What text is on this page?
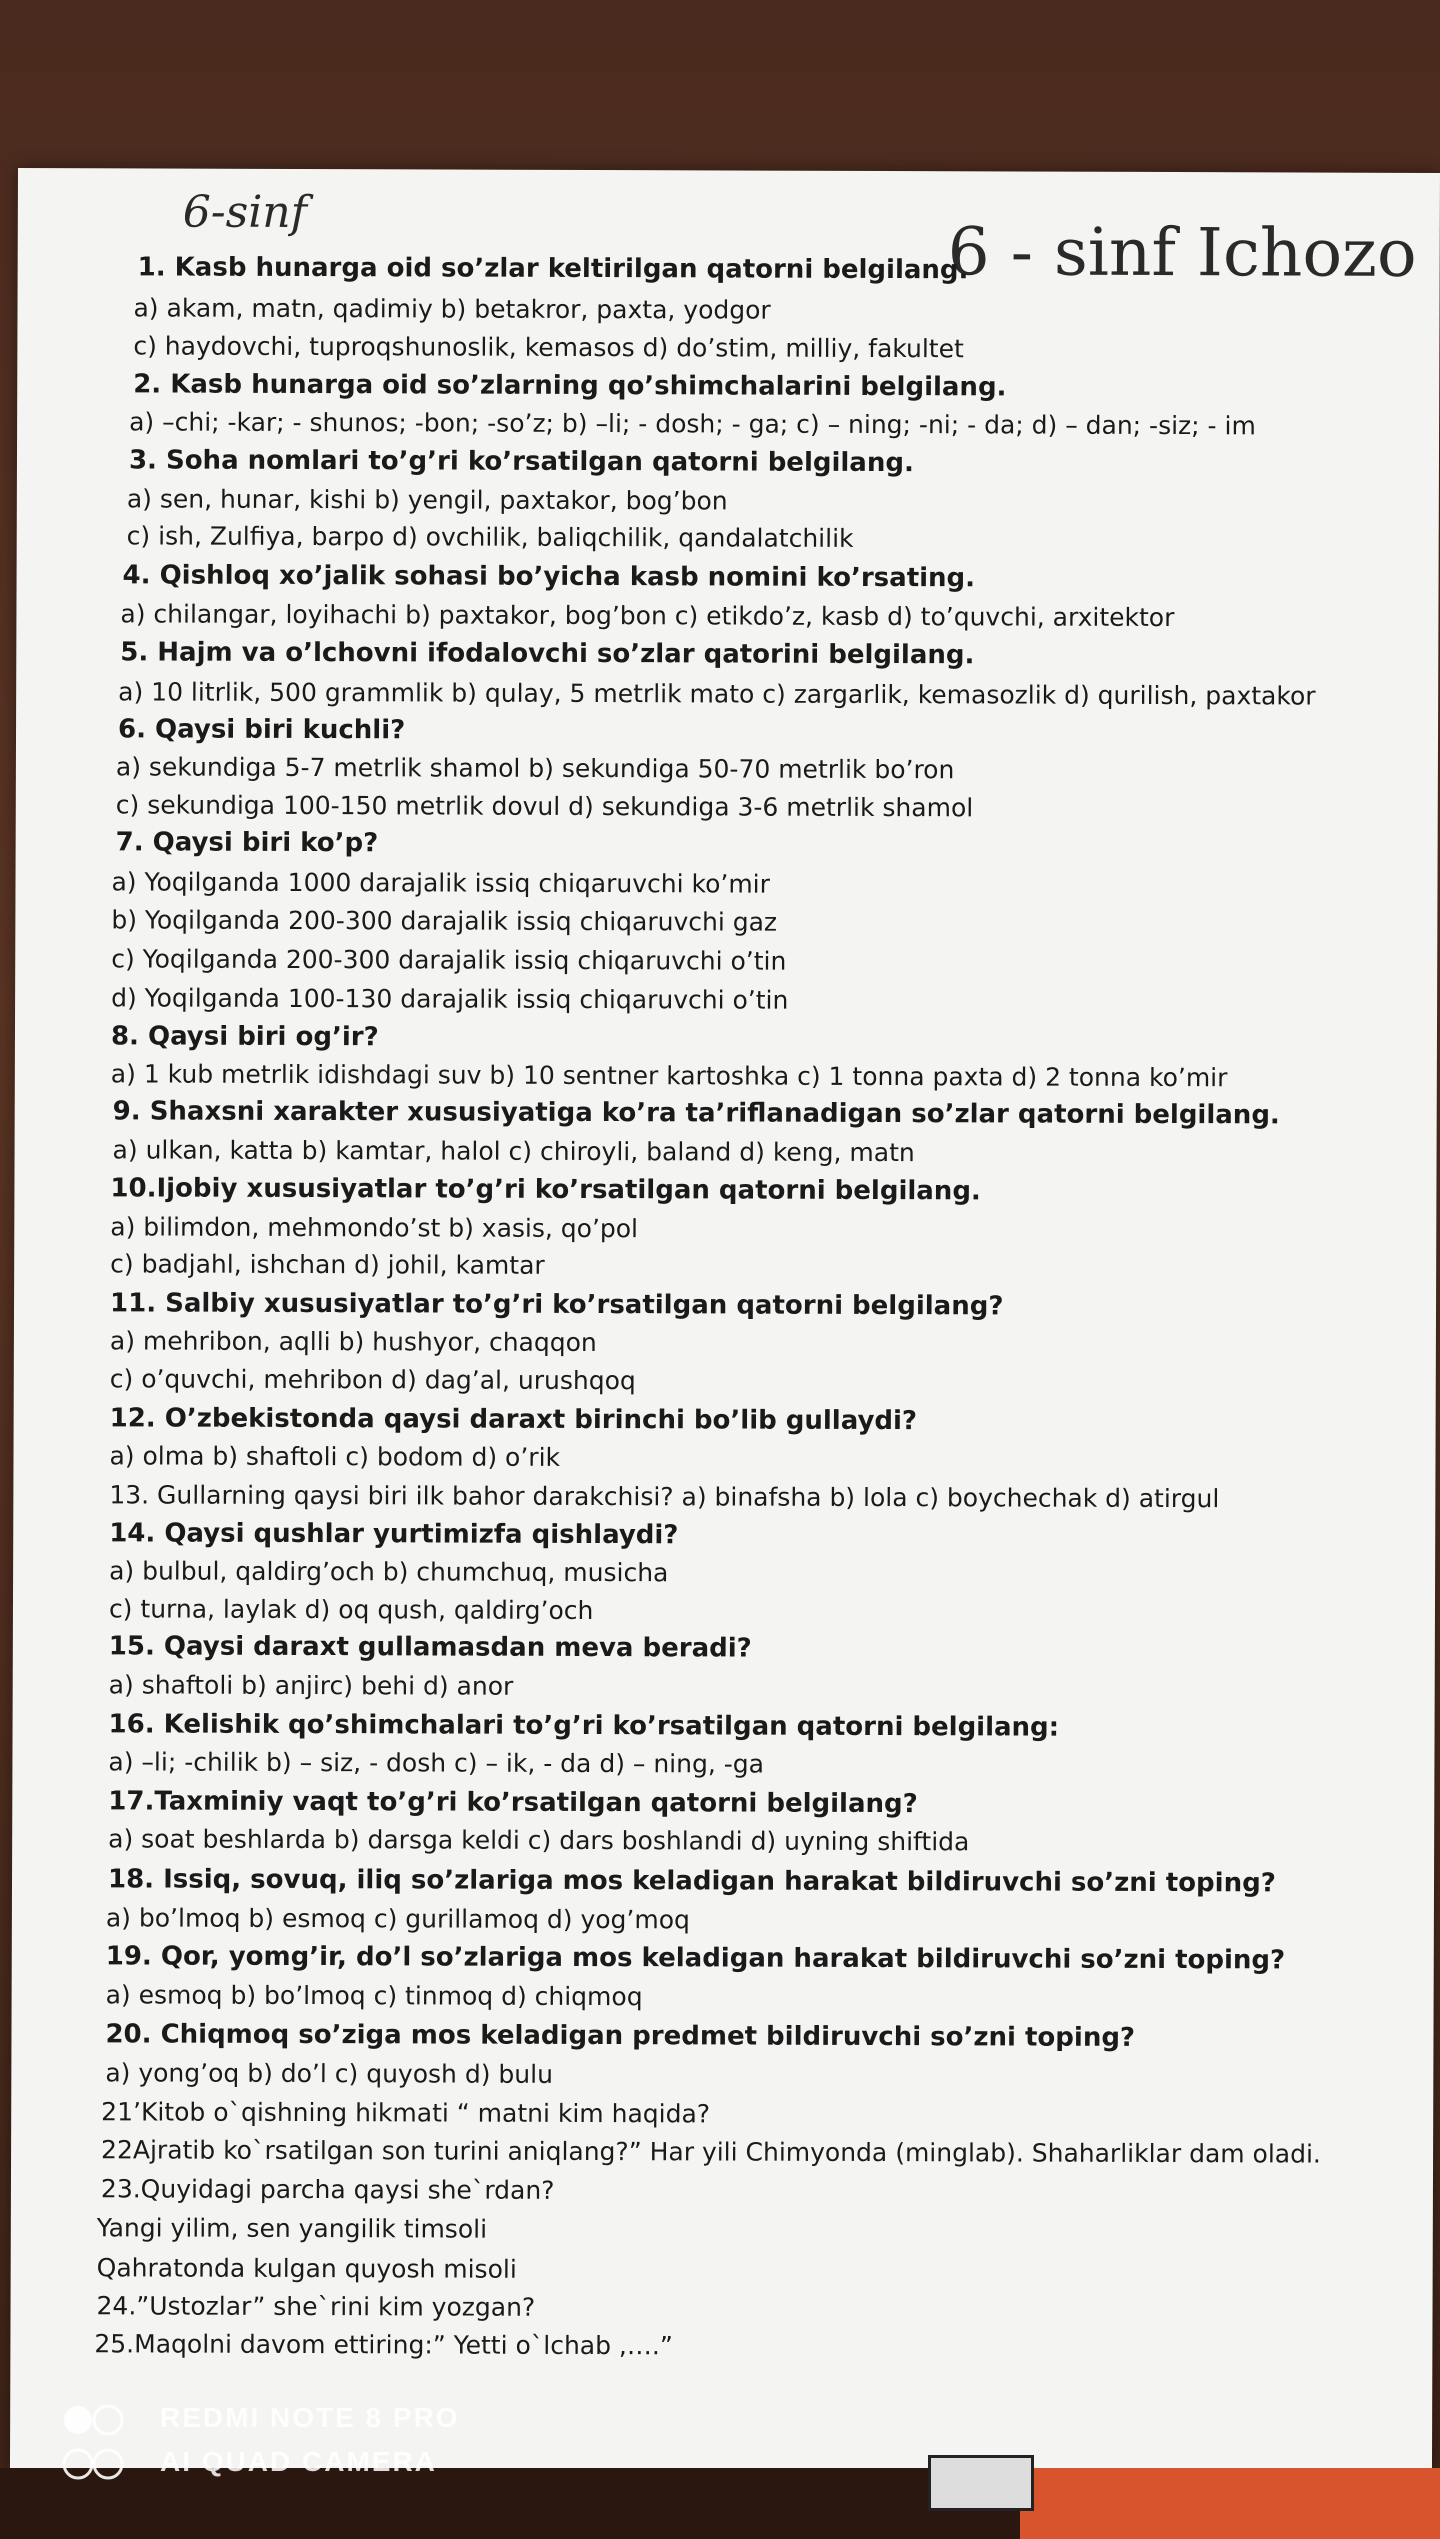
6-sinf
6 - sinf Ichozo
1. Kasb hunarga oid so’zlar keltirilgan qatorni belgilang.
a) akam, matn, qadimiy b) betakror, paxta, yodgor
c) haydovchi, tuproqshunoslik, kemasos d) do’stim, milliy, fakultet
2. Kasb hunarga oid so’zlarning qo’shimchalarini belgilang.
a) –chi; -kar; - shunos; -bon; -so’z; b) –li; - dosh; - ga; c) – ning; -ni; - da; d) – dan; -siz; - im
3. Soha nomlari to’g’ri ko’rsatilgan qatorni belgilang.
a) sen, hunar, kishi b) yengil, paxtakor, bog’bon
c) ish, Zulfiya, barpo d) ovchilik, baliqchilik, qandalatchilik
4. Qishloq xo’jalik sohasi bo’yicha kasb nomini ko’rsating.
a) chilangar, loyihachi b) paxtakor, bog’bon c) etikdo’z, kasb d) to’quvchi, arxitektor
5. Hajm va o’lchovni ifodalovchi so’zlar qatorini belgilang.
a) 10 litrlik, 500 grammlik b) qulay, 5 metrlik mato c) zargarlik, kemasozlik d) qurilish, paxtakor
6. Qaysi biri kuchli?
a) sekundiga 5-7 metrlik shamol b) sekundiga 50-70 metrlik bo’ron
c) sekundiga 100-150 metrlik dovul d) sekundiga 3-6 metrlik shamol
7. Qaysi biri ko’p?
a) Yoqilganda 1000 darajalik issiq chiqaruvchi ko’mir
b) Yoqilganda 200-300 darajalik issiq chiqaruvchi gaz
c) Yoqilganda 200-300 darajalik issiq chiqaruvchi o’tin
d) Yoqilganda 100-130 darajalik issiq chiqaruvchi o’tin
8. Qaysi biri og’ir?
a) 1 kub metrlik idishdagi suv b) 10 sentner kartoshka c) 1 tonna paxta d) 2 tonna ko’mir
9. Shaxsni xarakter xususiyatiga ko’ra ta’riflanadigan so’zlar qatorni belgilang.
a) ulkan, katta b) kamtar, halol c) chiroyli, baland d) keng, matn
10.Ijobiy xususiyatlar to’g’ri ko’rsatilgan qatorni belgilang.
a) bilimdon, mehmondo’st b) xasis, qo’pol
c) badjahl, ishchan d) johil, kamtar
11. Salbiy xususiyatlar to’g’ri ko’rsatilgan qatorni belgilang?
a) mehribon, aqlli b) hushyor, chaqqon
c) o’quvchi, mehribon d) dag’al, urushqoq
12. O’zbekistonda qaysi daraxt birinchi bo’lib gullaydi?
a) olma b) shaftoli c) bodom d) o’rik
13. Gullarning qaysi biri ilk bahor darakchisi? a) binafsha b) lola c) boychechak d) atirgul
14. Qaysi qushlar yurtimizfa qishlaydi?
a) bulbul, qaldirg’och b) chumchuq, musicha
c) turna, laylak d) oq qush, qaldirg’och
15. Qaysi daraxt gullamasdan meva beradi?
a) shaftoli b) anjirc) behi d) anor
16. Kelishik qo’shimchalari to’g’ri ko’rsatilgan qatorni belgilang:
a) –li; -chilik b) – siz, - dosh c) – ik, - da d) – ning, -ga
17.Taxminiy vaqt to’g’ri ko’rsatilgan qatorni belgilang?
a) soat beshlarda b) darsga keldi c) dars boshlandi d) uyning shiftida
18. Issiq, sovuq, iliq so’zlariga mos keladigan harakat bildiruvchi so’zni toping?
a) bo’lmoq b) esmoq c) gurillamoq d) yog’moq
19. Qor, yomg’ir, do’l so’zlariga mos keladigan harakat bildiruvchi so’zni toping?
a) esmoq b) bo’lmoq c) tinmoq d) chiqmoq
20. Chiqmoq so’ziga mos keladigan predmet bildiruvchi so’zni toping?
a) yong’oq b) do’l c) quyosh d) bulu
21’Kitob o`qishning hikmati “ matni kim haqida?
22Ajratib ko`rsatilgan son turini aniqlang?” Har yili Chimyonda (minglab). Shaharliklar dam oladi.
23.Quyidagi parcha qaysi she`rdan?
Yangi yilim, sen yangilik timsoli
Qahratonda kulgan quyosh misoli
24.”Ustozlar” she`rini kim yozgan?
25.Maqolni davom ettiring:” Yetti o`lchab ,….”
REDMI NOTE 8 PRO
AI QUAD CAMERA
